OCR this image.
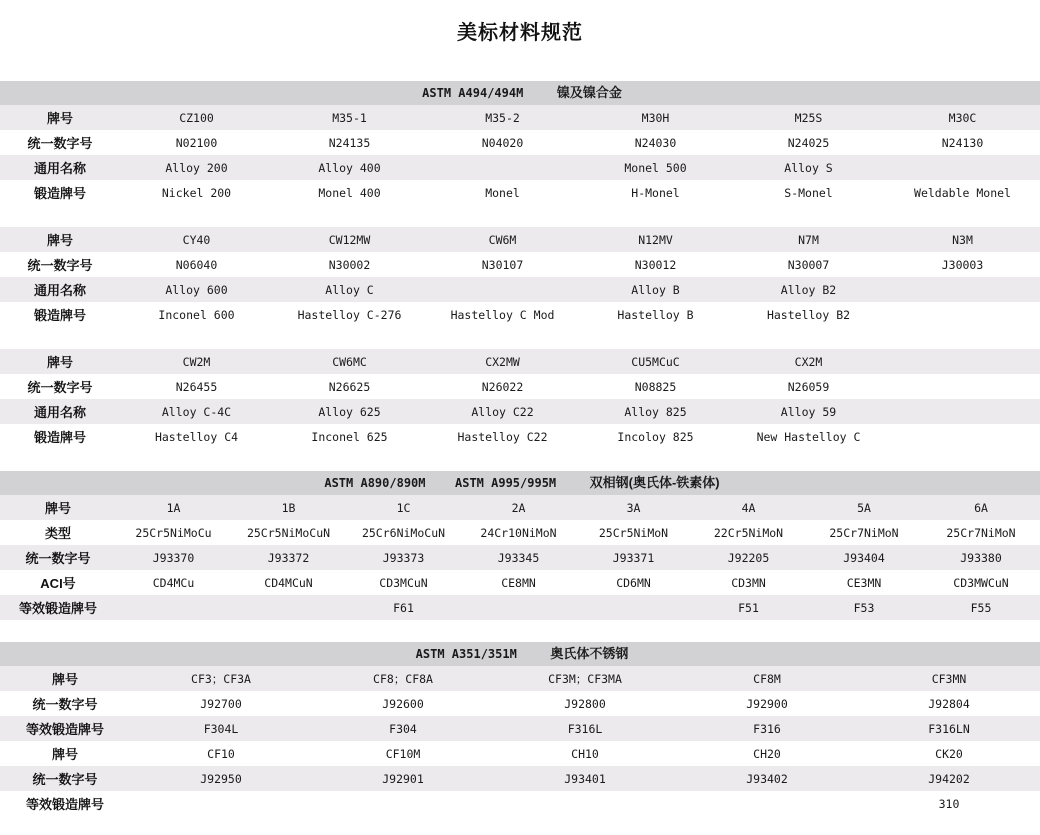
美标材料规范
ASTM A494/494M	镍及镍合金
牌号	CZ100	M35-1	M35-2	M30H	M25S	M30C
统一数字号	N02100	N24135	N04020	N24030	N24025	N24130
通用名称	Alloy 200	Alloy 400		Monel 500	Alloy S	
锻造牌号	Nickel 200	Monel 400	Monel	H-Monel	S-Monel	Weldable Monel

牌号	CY40	CW12MW	CW6M	N12MV	N7M	N3M
统一数字号	N06040	N30002	N30107	N30012	N30007	J30003
通用名称	Alloy 600	Alloy C		Alloy B	Alloy B2	
锻造牌号	Inconel 600	Hastelloy C-276	Hastelloy C Mod	Hastelloy B	Hastelloy B2	

牌号	CW2M	CW6MC	CX2MW	CU5MCuC	CX2M	
统一数字号	N26455	N26625	N26022	N08825	N26059	
通用名称	Alloy C-4C	Alloy 625	Alloy C22	Alloy 825	Alloy 59	
锻造牌号	Hastelloy C4	Inconel 625	Hastelloy C22	Incoloy 825	New Hastelloy C	
ASTM A890/890M ASTM A995/995M	双相钢(奥氏体-铁素体)
牌号	1A	1B	1C	2A	3A	4A	5A	6A
类型	25Cr5NiMoCu	25Cr5NiMoCuN	25Cr6NiMoCuN	24Cr10NiMoN	25Cr5NiMoN	22Cr5NiMoN	25Cr7NiMoN	25Cr7NiMoN
统一数字号	J93370	J93372	J93373	J93345	J93371	J92205	J93404	J93380
ACI号	CD4MCu	CD4MCuN	CD3MCuN	CE8MN	CD6MN	CD3MN	CE3MN	CD3MWCuN
等效锻造牌号			F61			F51	F53	F55
ASTM A351/351M	奥氏体不锈钢
牌号	CF3；CF3A	CF8；CF8A	CF3M；CF3MA	CF8M	CF3MN
统一数字号	J92700	J92600	J92800	J92900	J92804
等效锻造牌号	F304L	F304	F316L	F316	F316LN
牌号	CF10	CF10M	CH10	CH20	CK20
统一数字号	J92950	J92901	J93401	J93402	J94202
等效锻造牌号					310
